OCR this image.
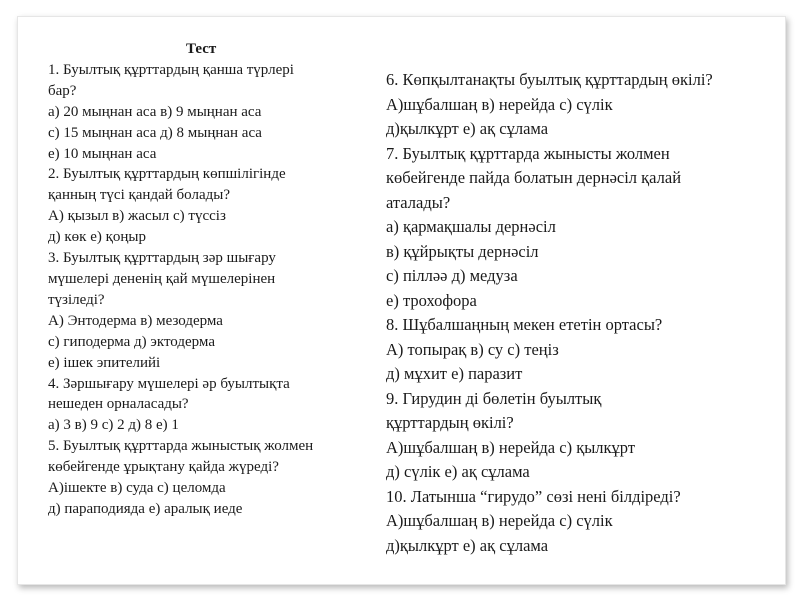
Тест

1. Буылтық құрттардың қанша түрлері

бар?

а) 20 мыңнан аса в) 9 мыңнан аса

с) 15 мыңнан аса д) 8 мыңнан аса

е) 10 мыңнан аса

2. Буылтық құрттардың көпшілігінде

қанның түсі қандай болады?

А) қызыл в) жасыл с) түссіз

д) көк е) қоңыр

3. Буылтық құрттардың зәр шығару

мүшелері дененің қай мүшелерінен

түзіледі?

А) Энтодерма в) мезодерма

с) гиподерма д) эктодерма

е) ішек эпителийі

4. Зәршығару мүшелері әр буылтықта

нешеден орналасады?

а) 3 в) 9 с) 2 д) 8 е) 1

5. Буылтық құрттарда жыныстық жолмен

көбейгенде ұрықтану қайда жүреді?

А)ішекте в) суда с) целомда

д) параподияда е) аралық иеде

6. Көпқылтанақты буылтық құрттардың өкілі?

А)шұбалшаң в) нерейда с) сүлік

д)қылкұрт е) ақ сұлама

7. Буылтық құрттарда жынысты жолмен

көбейгенде пайда болатын дернәсіл қалай

аталады?

а) қармақшалы дернәсіл

в) құйрықты дернәсіл

с) пілләә д) медуза

е) трохофора

8. Шұбалшаңның мекен ететін ортасы?

А) топырақ в) су с) теңіз

д) мұхит е) паразит

9. Гирудин ді бөлетін буылтық

құрттардың өкілі?

А)шұбалшаң в) нерейда с) қылкұрт

д) сүлік е) ақ сұлама

10. Латынша “гирудо” сөзі нені білдіреді?

А)шұбалшаң в) нерейда с) сүлік

д)қылкұрт е) ақ сұлама
